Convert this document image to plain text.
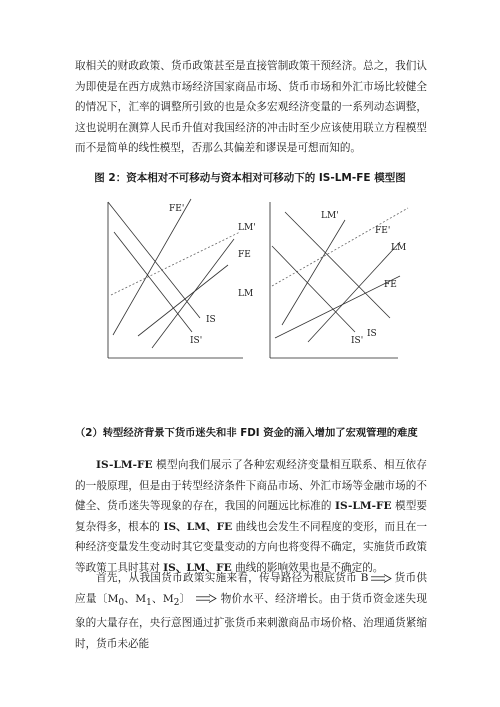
取相关的财政政策、货币政策甚至是直接管制政策干预经济。总之，我们认为即使是在西方成熟市场经济国家商品市场、货币市场和外汇市场比较健全的情况下，汇率的调整所引致的也是众多宏观经济变量的一系列动态调整，这也说明在测算人民币升值对我国经济的冲击时至少应该使用联立方程模型而不是简单的线性模型，否那么其偏差和谬误是可想而知的。

图 2：资本相对不可移动与资本相对可移动下的 IS-LM-FE 模型图
FE'
LM'
FE
LM
IS
IS'
LM'
FE'
LM
FE
IS
IS'
（2）转型经济背景下货币迷失和非 FDI 资金的涌入增加了宏观管理的难度

IS-LM-FE 模型向我们展示了各种宏观经济变量相互联系、相互依存的一般原理，但是由于转型经济条件下商品市场、外汇市场等金融市场的不健全、货币迷失等现象的存在，我国的问题远比标准的 IS-LM-FE 模型要复杂得多，根本的 IS、LM、FE 曲线也会发生不同程度的变形，而且在一种经济变量发生变动时其它变量变动的方向也将变得不确定，实施货币政策等政策工具时其对 IS、LM、FE 曲线的影响效果也是不确定的。

首先，从我国货币政策实施来看，传导路径为根底货币 B 货币供应量〔$M_0$、$M_1$、$M_2$〕	物价水平、经济增长。由于货币资金迷失现象的大量存在，央行意图通过扩张货币来刺激商品市场价格、治理通货紧缩时，货币未必能
